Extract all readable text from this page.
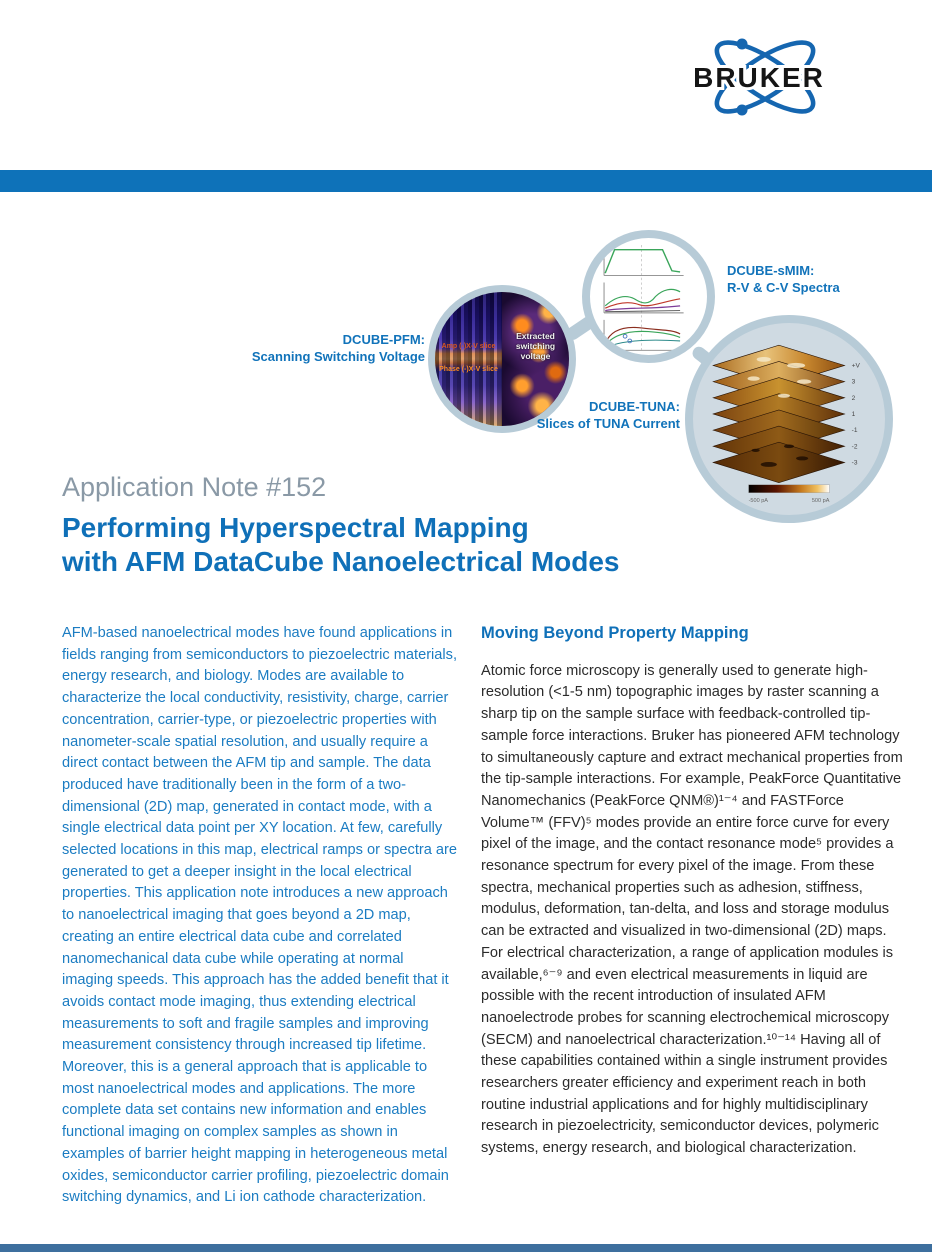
BRUKER
Amp (-)X-V slice
Phase (-)X-V slice
Extracted switching voltage
+V
3
2
1
-1
-2
-3
-500 pA	500 pA
DCUBE-PFM:
Scanning Switching Voltage
DCUBE-sMIM:
R-V & C-V Spectra
DCUBE-TUNA:
Slices of TUNA Current
Application Note #152
Performing Hyperspectral Mapping
with AFM DataCube Nanoelectrical Modes

AFM-based nanoelectrical modes have found applications in fields ranging from semiconductors to piezoelectric materials, energy research, and biology. Modes are available to characterize the local conductivity, resistivity, charge, carrier concentration, carrier-type, or piezoelectric properties with nanometer-scale spatial resolution, and usually require a direct contact between the AFM tip and sample. The data produced have traditionally been in the form of a two-dimensional (2D) map, generated in contact mode, with a single electrical data point per XY location. At few, carefully selected locations in this map, electrical ramps or spectra are generated to get a deeper insight in the local electrical properties. This application note introduces a new approach to nanoelectrical imaging that goes beyond a 2D map, creating an entire electrical data cube and correlated nanomechanical data cube while operating at normal imaging speeds. This approach has the added benefit that it avoids contact mode imaging, thus extending electrical measurements to soft and fragile samples and improving measurement consistency through increased tip lifetime. Moreover, this is a general approach that is applicable to most nanoelectrical modes and applications. The more complete data set contains new information and enables functional imaging on complex samples as shown in examples of barrier height mapping in heterogeneous metal oxides, semiconductor carrier profiling, piezoelectric domain switching dynamics, and Li ion cathode characterization.

Moving Beyond Property Mapping

Atomic force microscopy is generally used to generate high-resolution (<1-5 nm) topographic images by raster scanning a sharp tip on the sample surface with feedback-controlled tip-sample force interactions. Bruker has pioneered AFM technology to simultaneously capture and extract mechanical properties from the tip-sample interactions. For example, PeakForce Quantitative Nanomechanics (PeakForce QNM®)¹⁻⁴ and FASTForce Volume™ (FFV)⁵ modes provide an entire force curve for every pixel of the image, and the contact resonance mode⁵ provides a resonance spectrum for every pixel of the image. From these spectra, mechanical properties such as adhesion, stiffness, modulus, deformation, tan-delta, and loss and storage modulus can be extracted and visualized in two-dimensional (2D) maps. For electrical characterization, a range of application modules is available,⁶⁻⁹ and even electrical measurements in liquid are possible with the recent introduction of insulated AFM nanoelectrode probes for scanning electrochemical microscopy (SECM) and nanoelectrical characterization.¹⁰⁻¹⁴ Having all of these capabilities contained within a single instrument provides researchers greater efficiency and experiment reach in both routine industrial applications and for highly multidisciplinary research in piezoelectricity, semiconductor devices, polymeric systems, energy research, and biological characterization.
